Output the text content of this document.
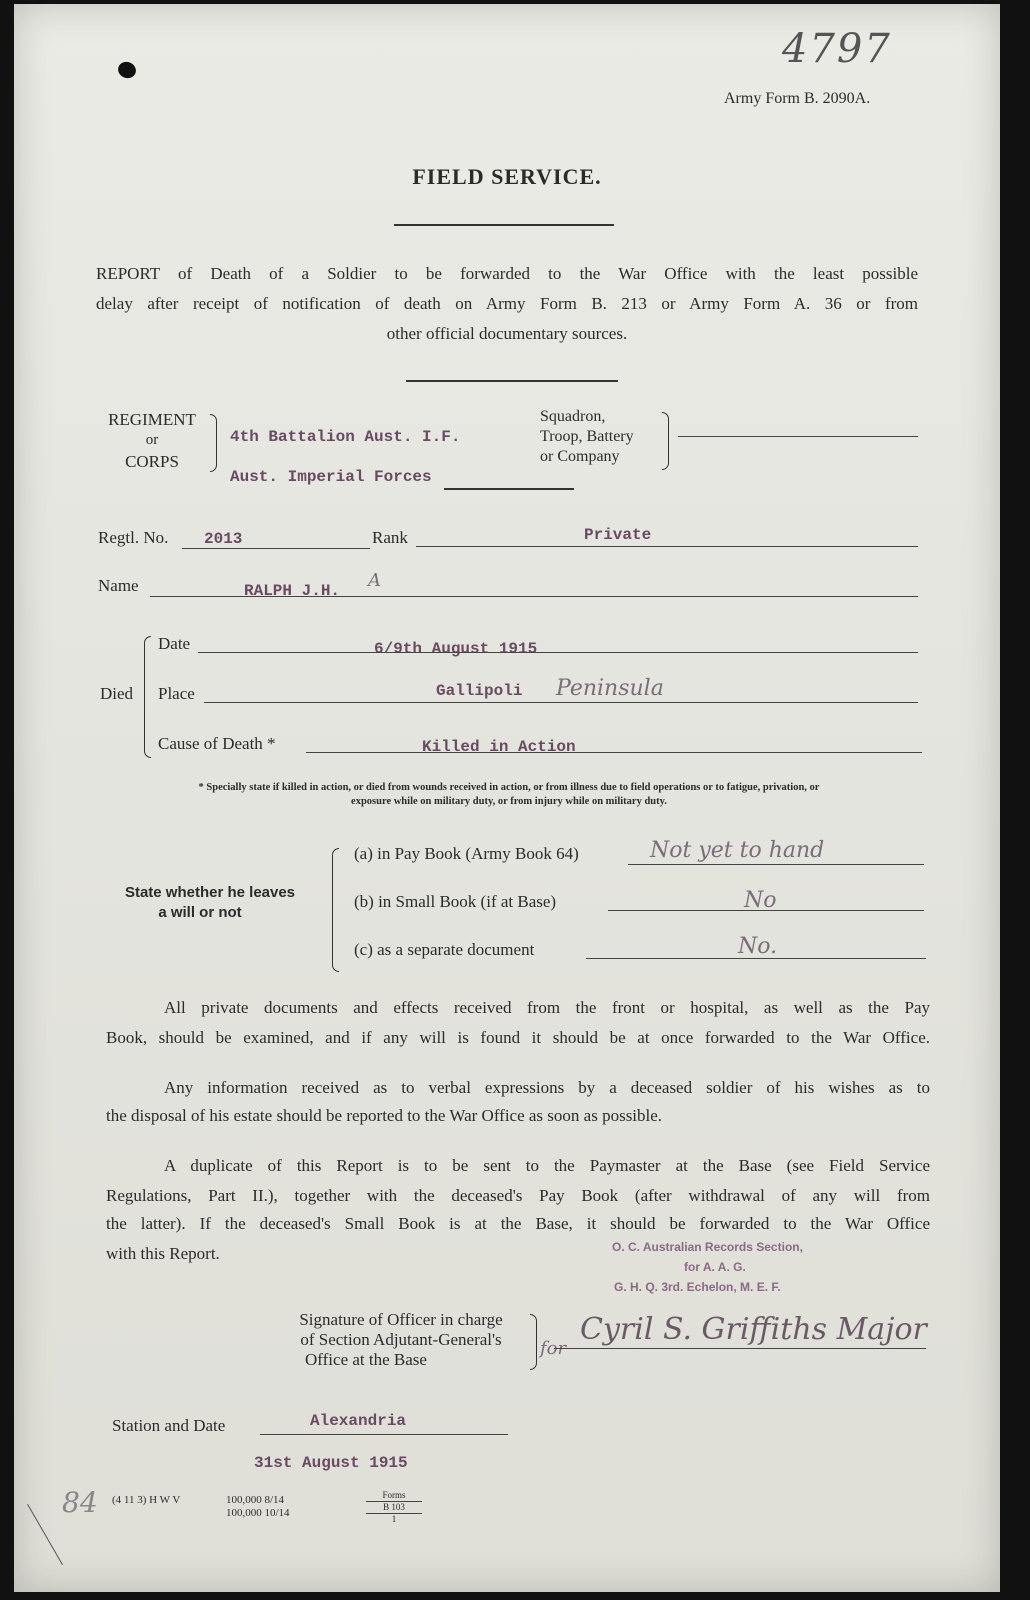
4797
Army Form B. 2090A.
FIELD SERVICE.
REPORT of Death of a Soldier to be forwarded to the War Office with the least possible
delay after receipt of notification of death on Army Form B. 213 or Army Form A. 36 or from
other official documentary sources.
REGIMENT
or
CORPS
4th Battalion Aust. I.F.
Aust. Imperial Forces
Squadron,
Troop, Battery
or Company
Regtl. No. 2013	Rank	Private
Name	RALPH J.H. A
Died
Date	6/9th August 1915
Place	Gallipoli Peninsula
Cause of Death *	Killed in Action
* Specially state if killed in action, or died from wounds received in action, or from illness due to field operations or to fatigue, privation, or
exposure while on military duty, or from injury while on military duty.
State whether he leaves
a will or not
(a) in Pay Book (Army Book 64)	Not yet to hand
(b) in Small Book (if at Base)	No
(c) as a separate document	No.
All private documents and effects received from the front or hospital, as well as the Pay
Book, should be examined, and if any will is found it should be at once forwarded to the War Office.
Any information received as to verbal expressions by a deceased soldier of his wishes as to
the disposal of his estate should be reported to the War Office as soon as possible.
A duplicate of this Report is to be sent to the Paymaster at the Base (see Field Service
Regulations, Part II.), together with the deceased's Pay Book (after withdrawal of any will from
the latter). If the deceased's Small Book is at the Base, it should be forwarded to the War Office
with this Report.	O. C. Australian Records Section,
for A. A. G.
G. H. Q. 3rd. Echelon, M. E. F.
Signature of Officer in charge
of Section Adjutant-General's
Office at the Base
for
Cyril S. Griffiths Major
Station and Date	Alexandria
31st August 1915
(4 11 3) H W V	100,000 8/14
100,000 10/14
Forms
B 103
1
84
